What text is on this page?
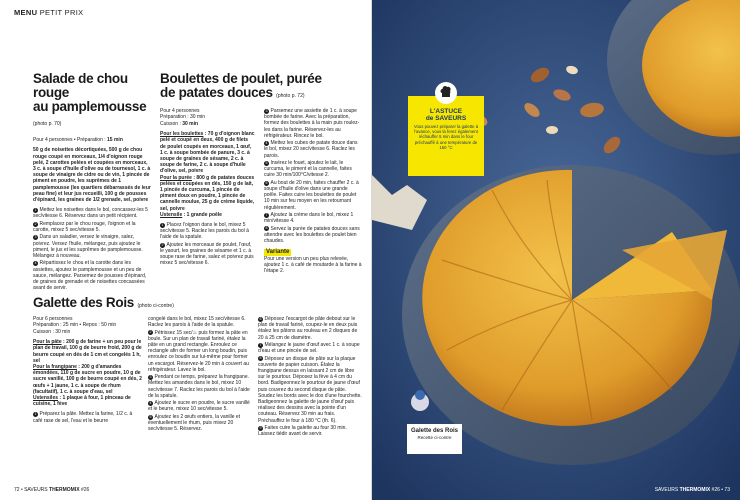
MENU PETIT PRIX
Salade de chou rouge
au pamplemousse (photo p. 70)
Pour 4 personnes • Préparation : 15 min
50 g de noisettes décortiquées, 500 g de chou rouge coupé en morceaux, 1/4 d'oignon rouge pelé, 2 carottes pelées et coupées en morceaux, 3 c. à soupe d'huile d'olive ou de tournesol, 1 c. à soupe de vinaigre de cidre ou de vin, 1 pincée de piment en poudre, les suprêmes de 1 pamplemousse (les quartiers débarrassés de leur peau fine) et leur jus recueilli, 100 g de pousses d'épinard, les graines de 1/2 grenade, sel, poivre

1 Mettez les noisettes dans le bol, concassez-les 5 sec/vitesse 6. Réservez dans un petit récipient.

2 Remplacez par le chou rouge, l'oignon et la carotte, mixez 5 sec/vitesse 5.

3 Dans un saladier, versez le vinaigre, salez, poivrez. Versez l'huile, mélangez, puis ajoutez le piment, le jus et les suprêmes de pamplemousse. Mélangez à nouveau.

4 Répartissez le chou et la carotte dans les assiettes, ajoutez le pamplemousse et un peu de sauce, mélangez. Parsemez de pousses d'épinard, de graines de grenade et de noisettes concassées avant de servir.

Boulettes de poulet, purée
de patates douces (photo p. 72)
Pour 4 personnes
Préparation : 30 min
Cuisson : 30 min
Pour les boulettes : 70 g d'oignon blanc pelé et coupé en deux, 400 g de filets de poulet coupés en morceaux, 1 œuf, 1 c. à soupe bombée de panure, 3 c. à soupe de graines de sésame, 2 c. à soupe de farine, 2 c. à soupe d'huile d'olive, sel, poivre
Pour la purée : 800 g de patates douces pelées et coupées en dés, 150 g de lait, 1 pincée de curcuma, 1 pincée de piment doux en poudre, 1 pincée de cannelle moulue, 25 g de crème liquide, sel, poivre
Ustensile : 1 grande poêle

1 Placez l'oignon dans le bol, mixez 5 sec/vitesse 5. Raclez les parois du bol à l'aide de la spatule.

2 Ajoutez les morceaux de poulet, l'œuf, le yaourt, les graines de sésame et 1 c. à soupe rase de farine, salez et poivrez puis mixez 5 sec/vitesse 6.

3 Parsemez une assiette de 1 c. à soupe bombée de farine. Avec la préparation, formez des boulettes à la main puis roulez-les dans la farine. Réservez-les au réfrigérateur. Rincez le bol.

4 Mettez les cubes de patate douce dans le bol, mixez 20 sec/vitesse 6. Raclez les parois.

5 Insérez le fouet, ajoutez le lait, le curcuma, le piment et la cannelle, faites cuire 30 min/100°C/vitesse 2.

6 Au bout de 20 min, faites chauffer 2 c. à soupe d'huile d'olive dans une grande poêle. Faites cuire les boulettes de poulet 10 min sur feu moyen en les retournant régulièrement.

7 Ajoutez la crème dans le bol, mixez 1 min/vitesse 4.

8 Servez la purée de patates douces sans attendre avec les boulettes de poulet bien chaudes.

Variante

Pour une version un peu plus relevée, ajoutez 1 c. à café de moutarde à la farine à l'étape 2.

Galette des Rois (photo ci-contre)
Pour 6 personnes
Préparation : 25 min • Repos : 50 min
Cuisson : 30 min
Pour la pâte : 200 g de farine + un peu pour le plan de travail, 100 g de beurre froid, 200 g de beurre coupé en dés de 1 cm et congelés 1 h, sel
Pour la frangipane : 200 g d'amandes émondées, 110 g de sucre en poudre, 10 g de sucre vanillé, 100 g de beurre coupé en dés, 2 œufs + 1 jaune, 1 c. à soupe de rhum (facultatif), 1 c. à soupe d'eau, sel
Ustensiles : 1 plaque à four, 1 pinceau de cuisine, 1 fève

1 Préparez la pâte. Mettez la farine, 1/2 c. à café rase de sel, l'eau et le beurre

congelé dans le bol, mixez 15 sec/vitesse 6. Raclez les parois à l'aide de la spatule.

2 Pétrissez 15 sec/♨ puis formez la pâte en boule. Sur un plan de travail fariné, étalez la pâte en un grand rectangle. Enroulez ce rectangle afin de former un long boudin, puis enroulez ce boudin sur lui-même pour former un escargot. Réservez-le 20 min à couvert au réfrigérateur. Lavez le bol.

3 Pendant ce temps, préparez la frangipane. Mettez les amandes dans le bol, mixez 10 sec/vitesse 7. Raclez les parois du bol à l'aide de la spatule.

4 Ajoutez le sucre en poudre, le sucre vanillé et le beurre, mixez 10 sec/vitesse 5.

5 Ajoutez les 2 œufs entiers, la vanille et éventuellement le rhum, puis mixez 20 sec/vitesse 5. Réservez.

6 Déposez l'escargot de pâte debout sur le plan de travail fariné, coupez-le en deux puis étalez les pâtons au rouleau en 2 disques de 20 à 25 cm de diamètre.

7 Mélangez le jaune d'œuf avec 1 c. à soupe d'eau et une pincée de sel.

8 Déposez un disque de pâte sur la plaque couverte de papier cuisson. Étalez la frangipane dessus en laissant 2 cm de libre sur le pourtour. Déposez la fève à 4 cm du bord. Badigeonnez le pourtour de jaune d'œuf puis couvrez du second disque de pâte. Soudez les bords avec le dos d'une fourchette. Badigeonnez la galette de jaune d'œuf puis réalisez des dessins avec la pointe d'un couteau. Réservez 30 min au frais. Préchauffez le four à 180 °C (th. 6).

9 Faites cuire la galette au four 30 min. Laissez tiédir avant de servir.

72 • SAVEURS THERMOMIX #26
L'ASTUCE
de SAVEURS
Vous pouvez préparer la galette à l'avance, vous la ferez également réchauffer 5 min dans le four préchauffé à une température de 160 °C
Galette des Rois
Recette ci-contre
SAVEURS THERMOMIX #26 • 73
